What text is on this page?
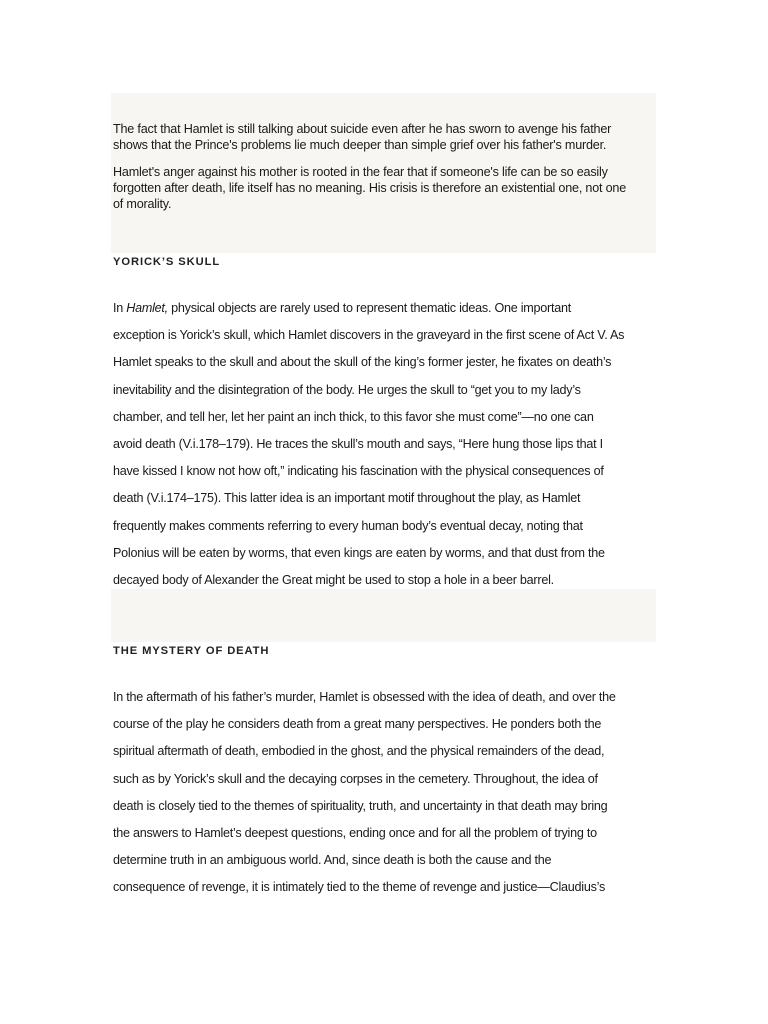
The fact that Hamlet is still talking about suicide even after he has sworn to avenge his father
shows that the Prince's problems lie much deeper than simple grief over his father's murder.

Hamlet's anger against his mother is rooted in the fear that if someone's life can be so easily
forgotten after death, life itself has no meaning. His crisis is therefore an existential one, not one
of morality.

YORICK’S SKULL

In Hamlet, physical objects are rarely used to represent thematic ideas. One important
exception is Yorick’s skull, which Hamlet discovers in the graveyard in the first scene of Act V. As
Hamlet speaks to the skull and about the skull of the king’s former jester, he fixates on death’s
inevitability and the disintegration of the body. He urges the skull to “get you to my lady’s
chamber, and tell her, let her paint an inch thick, to this favor she must come”—no one can
avoid death (V.i.178–179). He traces the skull’s mouth and says, “Here hung those lips that I
have kissed I know not how oft,” indicating his fascination with the physical consequences of
death (V.i.174–175). This latter idea is an important motif throughout the play, as Hamlet
frequently makes comments referring to every human body’s eventual decay, noting that
Polonius will be eaten by worms, that even kings are eaten by worms, and that dust from the
decayed body of Alexander the Great might be used to stop a hole in a beer barrel.

THE MYSTERY OF DEATH

In the aftermath of his father’s murder, Hamlet is obsessed with the idea of death, and over the
course of the play he considers death from a great many perspectives. He ponders both the
spiritual aftermath of death, embodied in the ghost, and the physical remainders of the dead,
such as by Yorick’s skull and the decaying corpses in the cemetery. Throughout, the idea of
death is closely tied to the themes of spirituality, truth, and uncertainty in that death may bring
the answers to Hamlet’s deepest questions, ending once and for all the problem of trying to
determine truth in an ambiguous world. And, since death is both the cause and the
consequence of revenge, it is intimately tied to the theme of revenge and justice—Claudius’s
